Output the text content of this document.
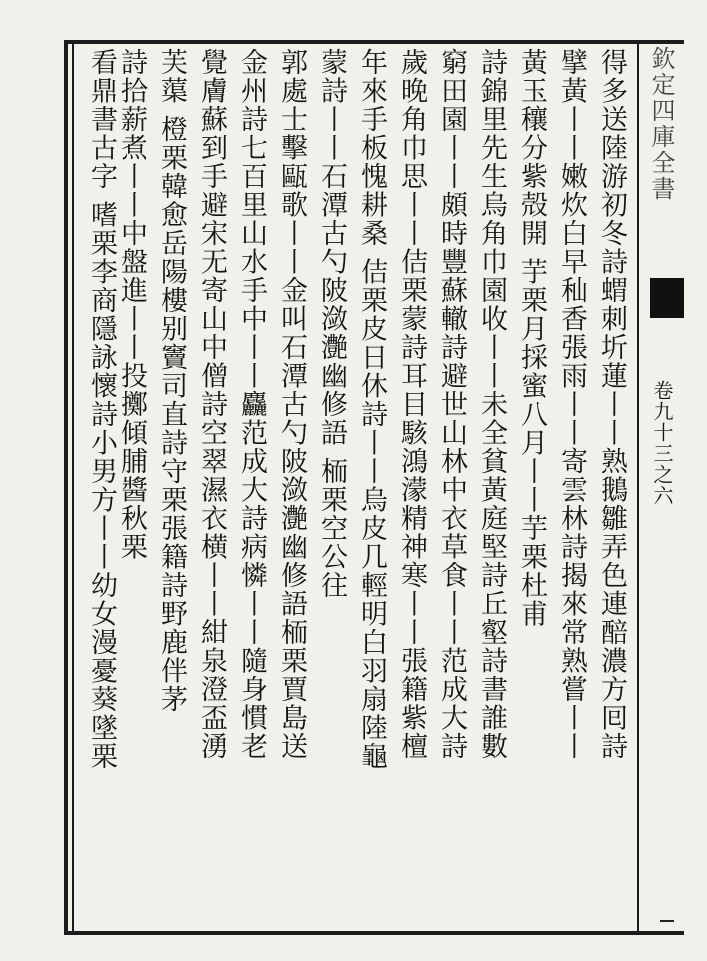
欽定四庫全書
卷九十三之六
得多送陸游初冬詩蝟刺圻蓮丨丨熟鵝雛弄色連醅濃方囘詩
擘黃丨丨嫩炊白早秈香張雨丨丨寄雲林詩揭來常熟嘗丨丨
黃玉穰分紫殻開 芋栗月採蜜八月丨丨芋栗杜甫
詩錦里先生烏角巾園收丨丨未全貧黃庭堅詩丘壑詩書誰數
窮田園丨丨頗時豐蘇轍詩避世山林中衣草食丨丨范成大詩
歲晚角巾思丨丨佶栗蒙詩耳目駭鴻濛精神寒丨丨張籍紫檀
年來手板愧耕桑 佶栗皮日休詩丨丨烏皮几輕明白羽扇陸龜
蒙詩丨丨石潭古勺陂潋灔幽修語 栭栗空公往
郭處士擊甌歌丨丨金叫石潭古勺陂潋灔幽修語栭栗賈島送
金州詩七百里山水手中丨丨麤范成大詩病憐丨丨隨身慣老
覺膚蘇到手避宋无寄山中僧詩空翠濕衣横丨丨紺泉澄盃湧
芙蕖 橙栗韓愈岳陽樓别竇司直詩守栗張籍詩野鹿伴茅
詩拾薪煮丨丨中盤進丨丨投擲傾脯醬秋栗
看鼎書古字 嗜栗李商隱詠懷詩小男方丨丨幼女漫憂葵墜栗
